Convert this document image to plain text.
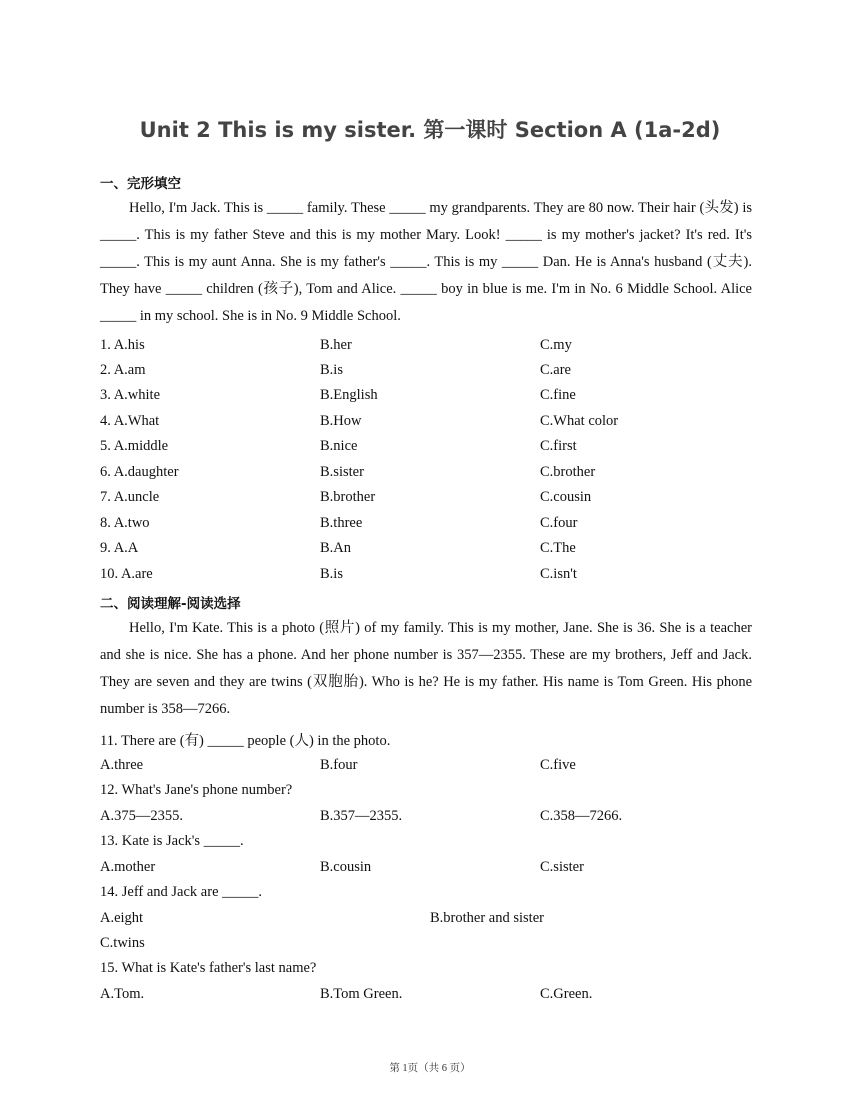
Unit 2 This is my sister. 第一课时 Section A (1a-2d)
一、完形填空
Hello, I'm Jack. This is _____ family. These _____ my grandparents. They are 80 now. Their hair (头发) is _____. This is my father Steve and this is my mother Mary. Look! _____ is my mother's jacket? It's red. It's _____. This is my aunt Anna. She is my father's _____. This is my _____ Dan. He is Anna's husband (丈夫). They have _____ children (孩子), Tom and Alice. _____ boy in blue is me. I'm in No. 6 Middle School. Alice _____ in my school. She is in No. 9 Middle School.
1. A.his	B.her	C.my
2. A.am	B.is	C.are
3. A.white	B.English	C.fine
4. A.What	B.How	C.What color
5. A.middle	B.nice	C.first
6. A.daughter	B.sister	C.brother
7. A.uncle	B.brother	C.cousin
8. A.two	B.three	C.four
9. A.A	B.An	C.The
10. A.are	B.is	C.isn't
二、阅读理解-阅读选择
Hello, I'm Kate. This is a photo (照片) of my family. This is my mother, Jane. She is 36. She is a teacher and she is nice. She has a phone. And her phone number is 357—2355. These are my brothers, Jeff and Jack. They are seven and they are twins (双胞胎). Who is he? He is my father. His name is Tom Green. His phone number is 358—7266.
11. There are (有) _____ people (人) in the photo.
A.three	B.four	C.five
12. What's Jane's phone number?
A.375—2355.	B.357—2355.	C.358—7266.
13. Kate is Jack's _____.
A.mother	B.cousin	C.sister
14. Jeff and Jack are _____.
A.eight	B.brother and sister
C.twins
15. What is Kate's father's last name?
A.Tom.	B.Tom Green.	C.Green.
第 1页（共 6 页）
